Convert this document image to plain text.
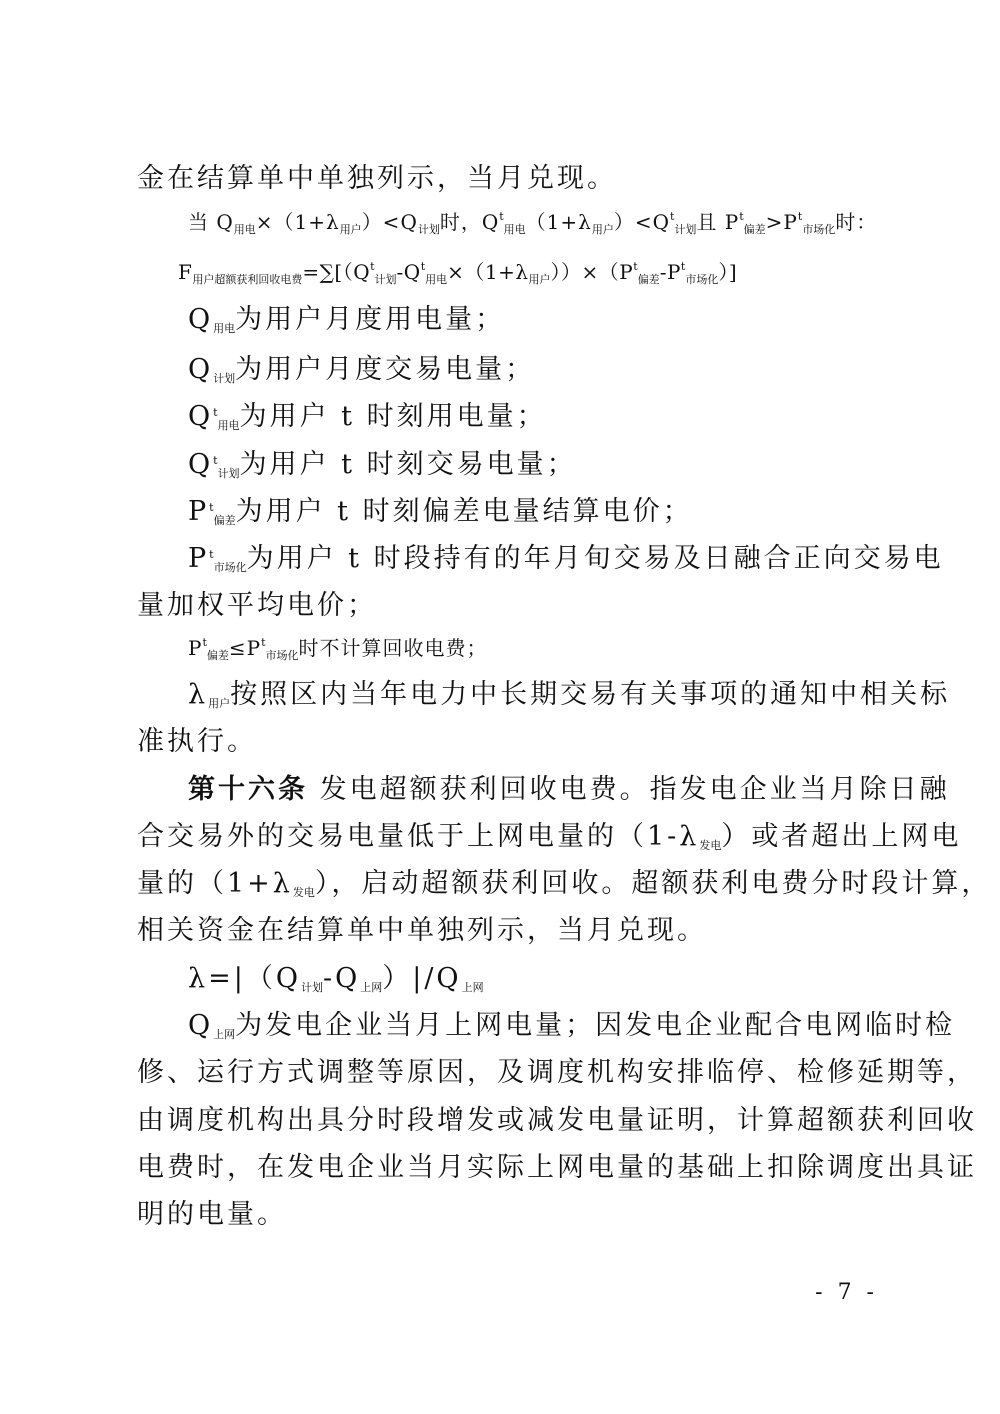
金在结算单中单独列示，当月兑现。
当 $Q_{用电}\times(1+\lambda_{用户})<Q_{计划}$时，$Q^t_{用电}(1+\lambda_{用户})<Q^t_{计划}$且 $P^t_{偏差}>P^t_{市场化}$时：
$F_{用户超额获利回收电费}=\sum[(Q^t_{计划}-Q^t_{用电}\times(1+\lambda_{用户}))\times(P^t_{偏差}-P^t_{市场化})]$
$Q_{用电}$为用户月度用电量；
$Q_{计划}$为用户月度交易电量；
$Q^t_{用电}$为用户 t 时刻用电量；
$Q^t_{计划}$为用户 t 时刻交易电量；
$P^t_{偏差}$为用户 t 时刻偏差电量结算电价；
$P^t_{市场化}$为用户 t 时段持有的年月旬交易及日融合正向交易电
量加权平均电价；
$P^t_{偏差}\le P^t_{市场化}$时不计算回收电费；
$\lambda_{用户}$按照区内当年电力中长期交易有关事项的通知中相关标
准执行。
第十六条 发电超额获利回收电费。指发电企业当月除日融
合交易外的交易电量低于上网电量的$(1-\lambda_{发电})$或者超出上网电
量的$(1+\lambda_{发电})$，启动超额获利回收。超额获利电费分时段计算，
相关资金在结算单中单独列示，当月兑现。
$\lambda=|(Q_{计划}-Q_{上网})|/Q_{上网}$
$Q_{上网}$为发电企业当月上网电量；因发电企业配合电网临时检
修、运行方式调整等原因，及调度机构安排临停、检修延期等，
由调度机构出具分时段增发或减发电量证明，计算超额获利回收
电费时，在发电企业当月实际上网电量的基础上扣除调度出具证
明的电量。
- 7 -
